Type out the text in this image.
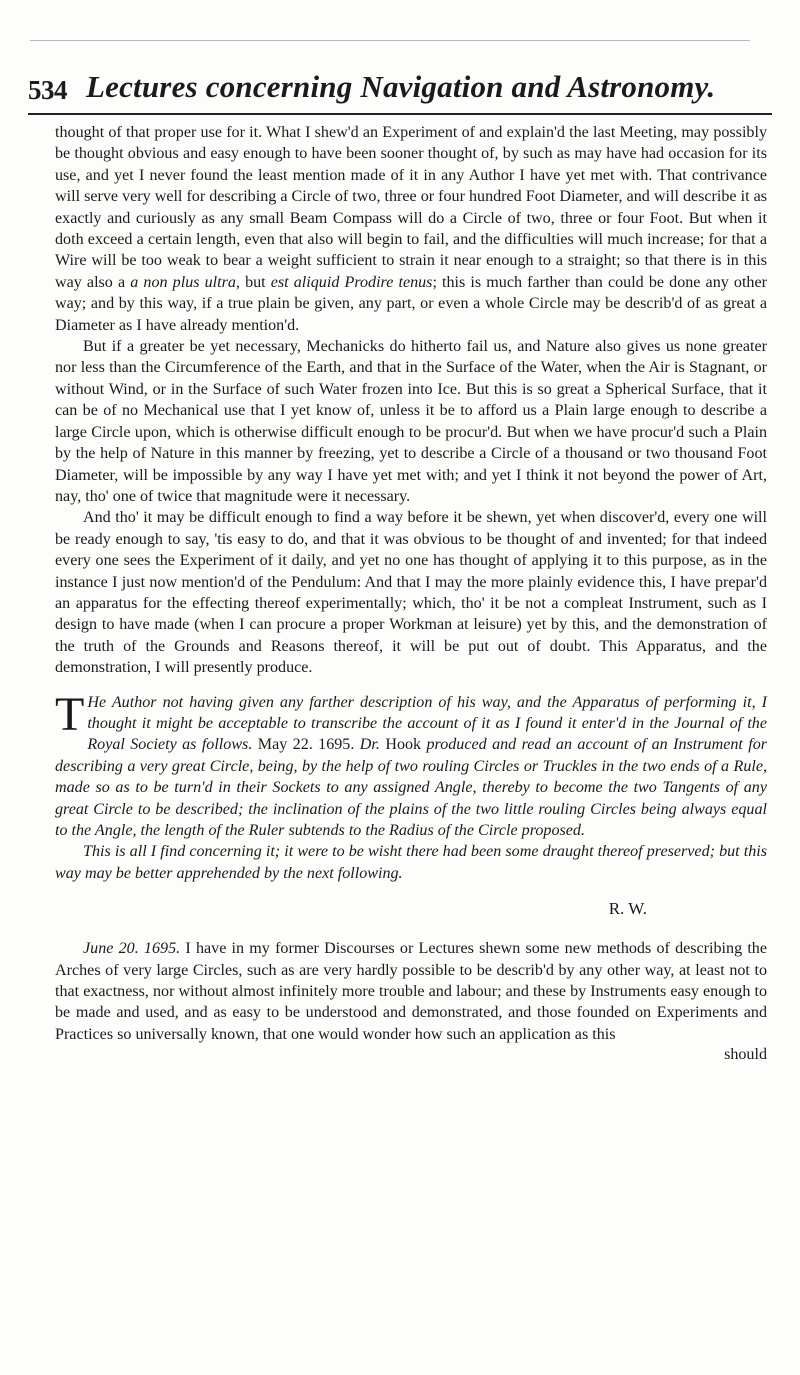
534 Lectures concerning Navigation and Astronomy.

thought of that proper use for it. What I shew'd an Experiment of and explain'd the last Meeting, may possibly be thought obvious and easy enough to have been sooner thought of, by such as may have had occasion for its use, and yet I never found the least mention made of it in any Author I have yet met with. That contrivance will serve very well for describing a Circle of two, three or four hundred Foot Diameter, and will describe it as exactly and curiously as any small Beam Compass will do a Circle of two, three or four Foot. But when it doth exceed a certain length, even that also will begin to fail, and the difficulties will much increase; for that a Wire will be too weak to bear a weight sufficient to strain it near enough to a straight; so that there is in this way also a a non plus ultra, but est aliquid Prodire tenus; this is much farther than could be done any other way; and by this way, if a true plain be given, any part, or even a whole Circle may be describ'd of as great a Diameter as I have already mention'd.

But if a greater be yet necessary, Mechanicks do hitherto fail us, and Nature also gives us none greater nor less than the Circumference of the Earth, and that in the Surface of the Water, when the Air is Stagnant, or without Wind, or in the Surface of such Water frozen into Ice. But this is so great a Spherical Surface, that it can be of no Mechanical use that I yet know of, unless it be to afford us a Plain large enough to describe a large Circle upon, which is otherwise difficult enough to be procur'd. But when we have procur'd such a Plain by the help of Nature in this manner by freezing, yet to describe a Circle of a thousand or two thousand Foot Diameter, will be impossible by any way I have yet met with; and yet I think it not beyond the power of Art, nay, tho' one of twice that magnitude were it necessary.

And tho' it may be difficult enough to find a way before it be shewn, yet when discover'd, every one will be ready enough to say, 'tis easy to do, and that it was obvious to be thought of and invented; for that indeed every one sees the Experiment of it daily, and yet no one has thought of applying it to this purpose, as in the instance I just now mention'd of the Pendulum: And that I may the more plainly evidence this, I have prepar'd an apparatus for the effecting thereof experimentally; which, tho' it be not a compleat Instrument, such as I design to have made (when I can procure a proper Workman at leisure) yet by this, and the demonstration of the truth of the Grounds and Reasons thereof, it will be put out of doubt. This Apparatus, and the demonstration, I will presently produce.

T He Author not having given any farther description of his way, and the Apparatus of performing it, I thought it might be acceptable to transcribe the account of it as I found it enter'd in the Journal of the Royal Society as follows. May 22. 1695. Dr. Hook produced and read an account of an Instrument for describing a very great Circle, being, by the help of two rouling Circles or Truckles in the two ends of a Rule, made so as to be turn'd in their Sockets to any assigned Angle, thereby to become the two Tangents of any great Circle to be described; the inclination of the plains of the two little rouling Circles being always equal to the Angle, the length of the Ruler subtends to the Radius of the Circle proposed.

This is all I find concerning it; it were to be wisht there had been some draught thereof preserved; but this way may be better apprehended by the next following.

R. W.

June 20. 1695. I have in my former Discourses or Lectures shewn some new methods of describing the Arches of very large Circles, such as are very hardly possible to be describ'd by any other way, at least not to that exactness, nor without almost infinitely more trouble and labour; and these by Instruments easy enough to be made and used, and as easy to be understood and demonstrated, and those founded on Experiments and Practices so universally known, that one would wonder how such an application as this

should
